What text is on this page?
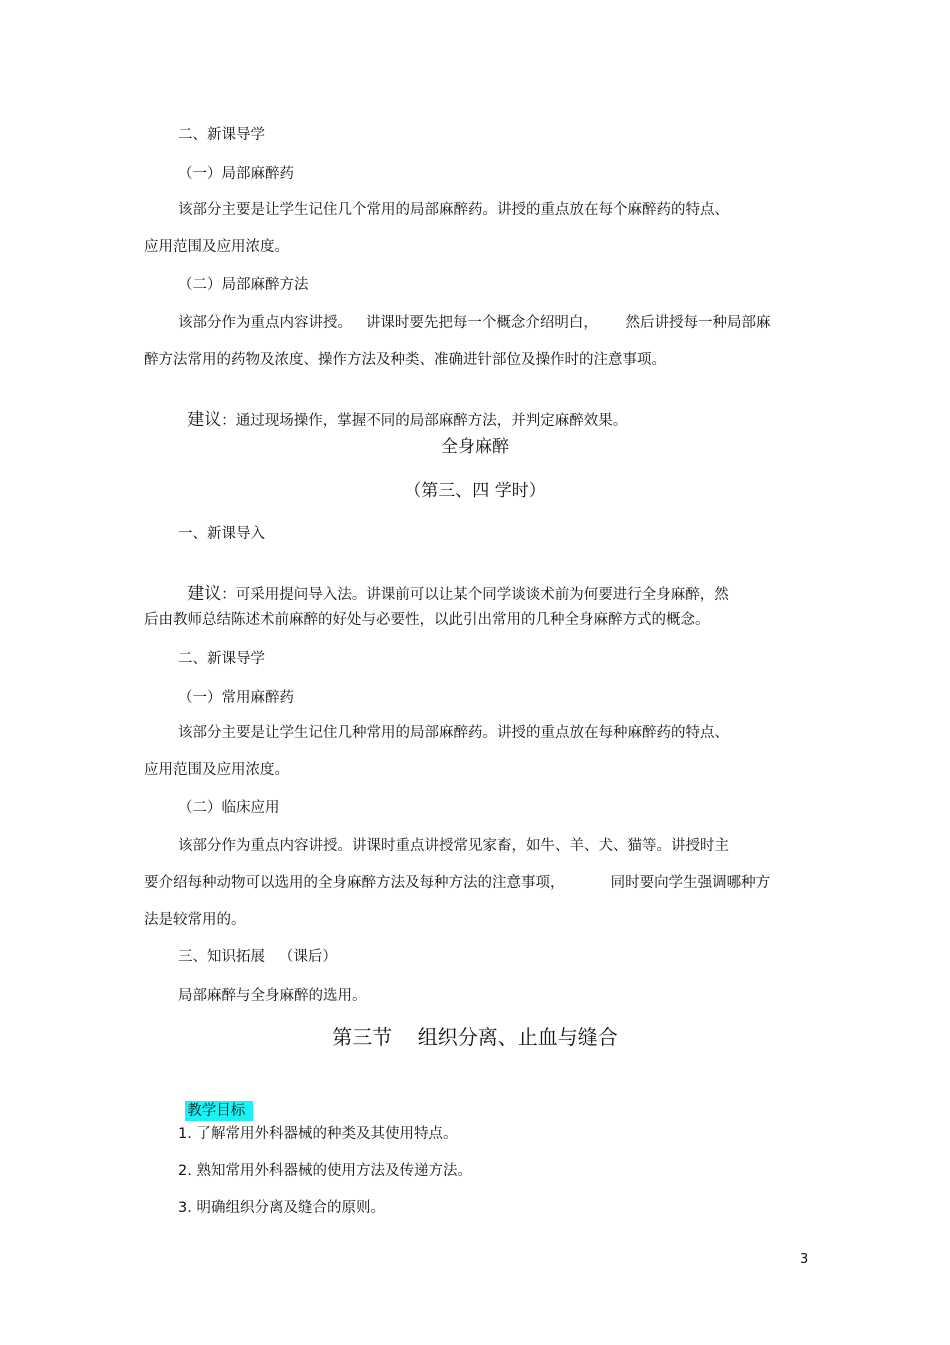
二、新课导学
（一）局部麻醉药
该部分主要是让学生记住几个常用的局部麻醉药。讲授的重点放在每个麻醉药的特点、
应用范围及应用浓度。
（二）局部麻醉方法
该部分作为重点内容讲授。   讲课时要先把每一个概念介绍明白，      然后讲授每一种局部麻
醉方法常用的药物及浓度、操作方法及种类、准确进针部位及操作时的注意事项。

建议：通过现场操作，掌握不同的局部麻醉方法，并判定麻醉效果。

全身麻醉
（第三、四 学时）
一、新课导入

建议：可采用提问导入法。讲课前可以让某个同学谈谈术前为何要进行全身麻醉，然

后由教师总结陈述术前麻醉的好处与必要性，以此引出常用的几种全身麻醉方式的概念。
二、新课导学
（一）常用麻醉药
该部分主要是让学生记住几种常用的局部麻醉药。讲授的重点放在每种麻醉药的特点、
应用范围及应用浓度。
（二）临床应用
该部分作为重点内容讲授。讲课时重点讲授常见家畜，如牛、羊、犬、猫等。讲授时主
要介绍每种动物可以选用的全身麻醉方法及每种方法的注意事项，          同时要向学生强调哪种方
法是较常用的。
三、知识拓展   （课后）
局部麻醉与全身麻醉的选用。
第三节    组织分离、止血与缝合

教学目标

1. 了解常用外科器械的种类及其使用特点。
2. 熟知常用外科器械的使用方法及传递方法。
3. 明确组织分离及缝合的原则。
3
